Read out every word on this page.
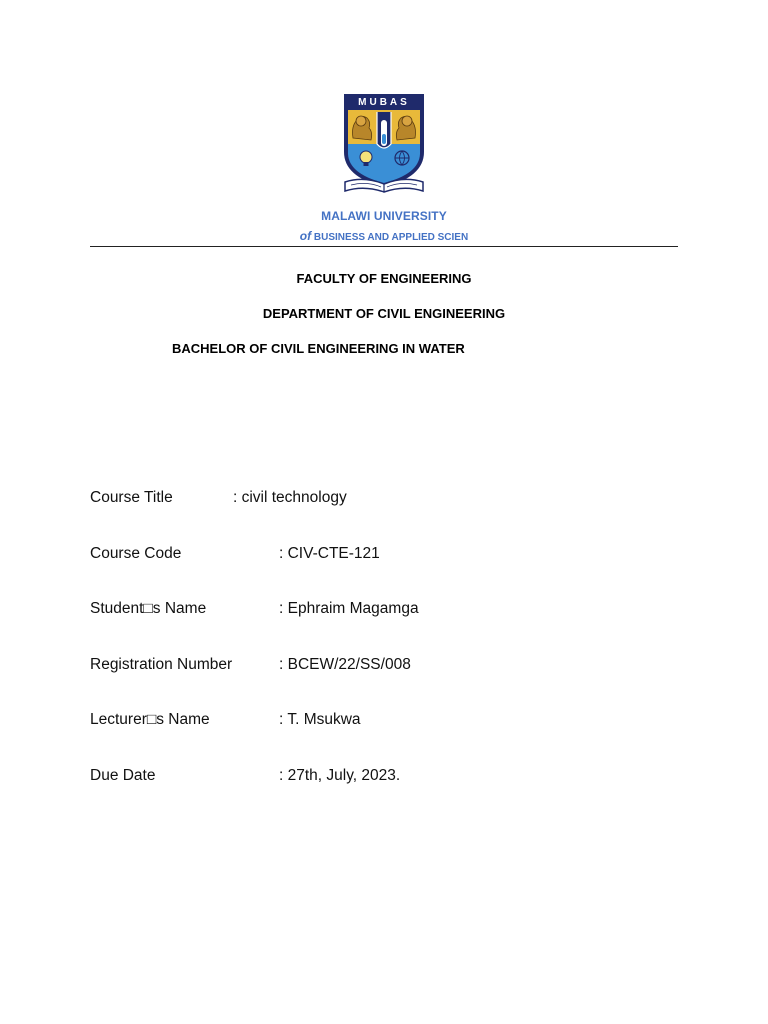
MUBAS
MALAWI UNIVERSITY
of BUSINESS AND APPLIED SCIEN
FACULTY OF ENGINEERING
DEPARTMENT OF CIVIL ENGINEERING
BACHELOR OF CIVIL ENGINEERING IN WATER
Course Title	: civil technology
Course Code	: CIV-CTE-121
Student□s Name	: Ephraim Magamga
Registration Number	: BCEW/22/SS/008
Lecturer□s Name	: T. Msukwa
Due Date	: 27th, July, 2023.
